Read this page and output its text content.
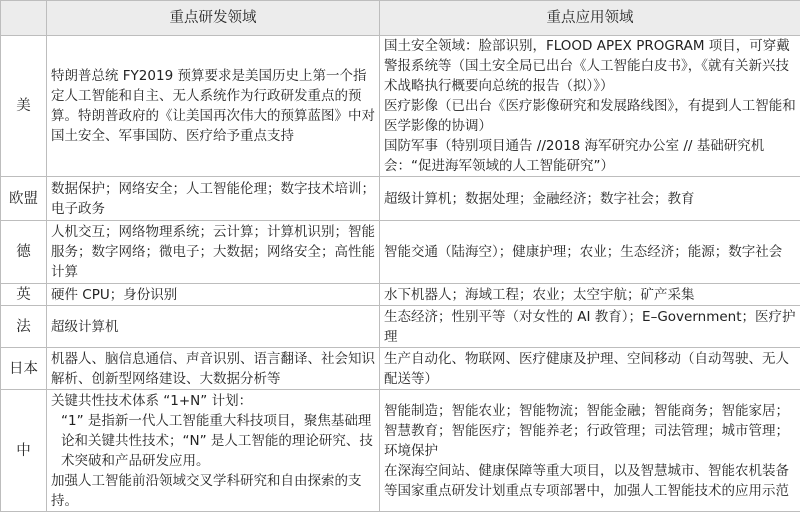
	重点研发领域	重点应用领域
美	特朗普总统 FY2019 预算要求是美国历史上第一个指定人工智能和自主、无人系统作为行政研发重点的预算。特朗普政府的《让美国再次伟大的预算蓝图》中对国土安全、军事国防、医疗给予重点支持	国土安全领域：脸部识别，FLOOD APEX PROGRAM 项目，可穿戴警报系统等（国土安全局已出台《人工智能白皮书》，《就有关新兴技术战略执行概要向总统的报告（拟）》）
医疗影像（已出台《医疗影像研究和发展路线图》，有提到人工智能和医学影像的协调）
国防军事（特别项目通告 //2018 海军研究办公室 // 基础研究机会：“促进海军领域的人工智能研究”）

欧盟	数据保护；网络安全；人工智能伦理；数字技术培训；电子政务	超级计算机；数据处理；金融经济；数字社会；教育

德	人机交互；网络物理系统；云计算；计算机识别；智能服务；数字网络；微电子；大数据；网络安全；高性能计算	智能交通（陆海空）；健康护理；农业；生态经济；能源；数字社会

英	硬件 CPU；身份识别	水下机器人；海域工程；农业；太空宇航；矿产采集

法	超级计算机	生态经济；性别平等（对女性的 AI 教育）；E–Government；医疗护理

日本	机器人、脑信息通信、声音识别、语言翻译、社会知识解析、创新型网络建设、大数据分析等	生产自动化、物联网、医疗健康及护理、空间移动（自动驾驶、无人配送等）

中	关键共性技术体系 “1+N” 计划：
“1” 是指新一代人工智能重大科技项目，聚焦基础理论和关键共性技术；“N” 是人工智能的理论研究、技术突破和产品研发应用。
加强人工智能前沿领域交叉学科研究和自由探索的支持。	智能制造；智能农业；智能物流；智能金融；智能商务；智能家居；智慧教育；智能医疗；智能养老；行政管理；司法管理；城市管理；环境保护
在深海空间站、健康保障等重大项目，以及智慧城市、智能农机装备等国家重点研发计划重点专项部署中，加强人工智能技术的应用示范
